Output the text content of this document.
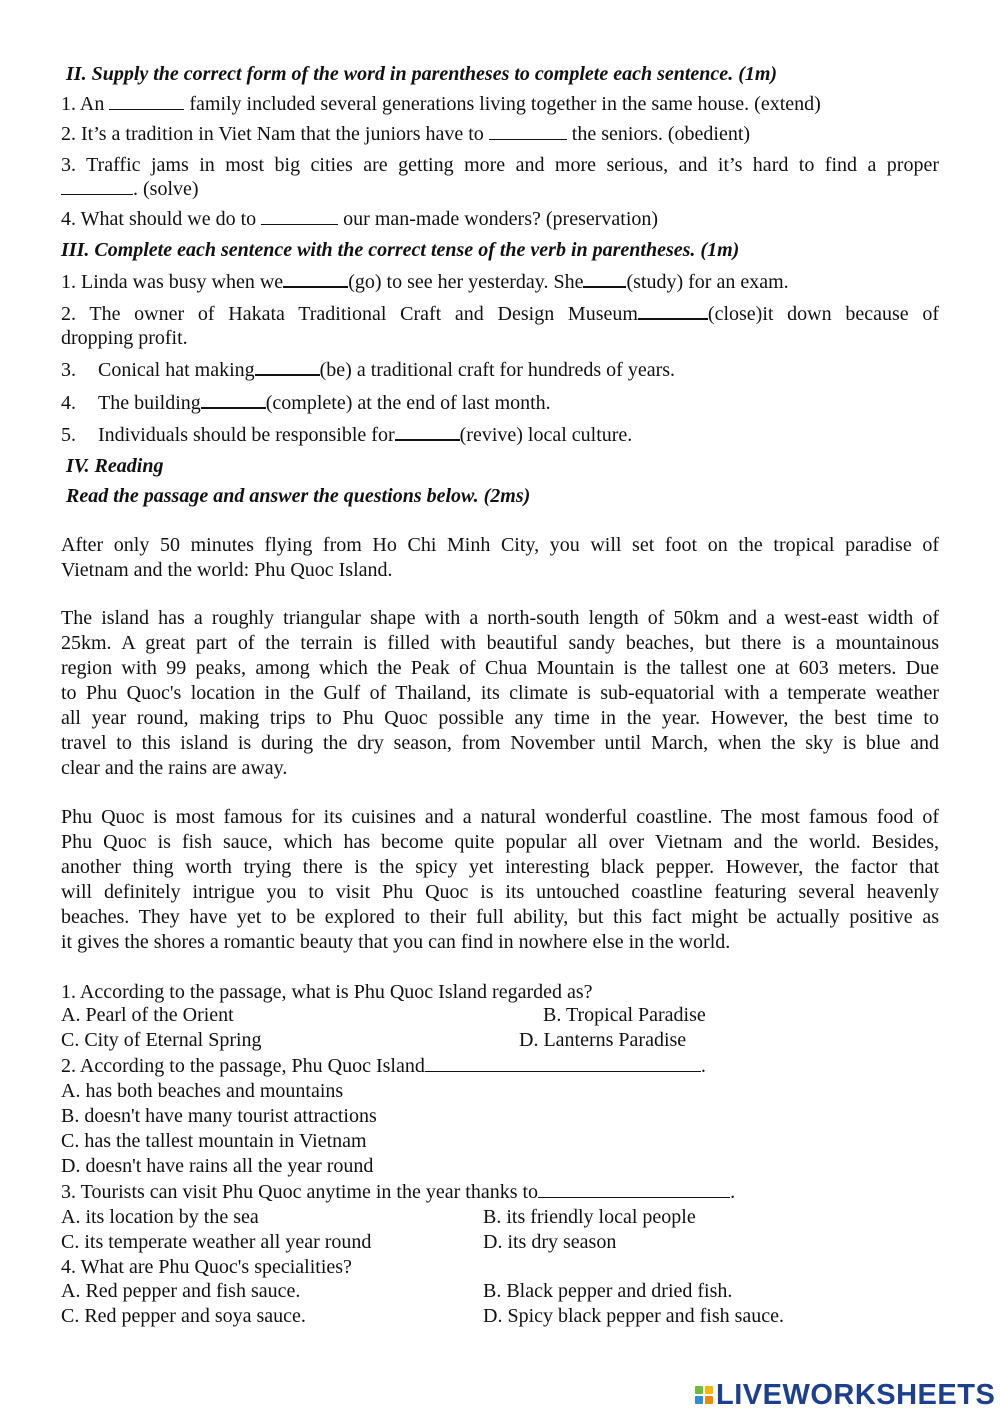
II. Supply the correct form of the word in parentheses to complete each sentence. (1m)
1. An	family included several generations living together in the same house. (extend)
2. It’s a tradition in Viet Nam that the juniors have to	the seniors. (obedient)
3. Traffic jams in most big cities are getting more and more serious, and it’s hard to find a proper
. (solve)
4. What should we do to	our man-made wonders? (preservation)
III. Complete each sentence with the correct tense of the verb in parentheses. (1m)
1. Linda was busy when we	(go) to see her yesterday. She (study) for an exam.
2. The owner of Hakata Traditional Craft and Design Museum	(close)it down because of
dropping profit.
3. Conical hat making	(be) a traditional craft for hundreds of years.
4. The building	(complete) at the end of last month.
5. Individuals should be responsible for	(revive) local culture.
IV. Reading
Read the passage and answer the questions below. (2ms)
After only 50 minutes flying from Ho Chi Minh City, you will set foot on the tropical paradise of
Vietnam and the world: Phu Quoc Island.
The island has a roughly triangular shape with a north-south length of 50km and a west-east width of
25km. A great part of the terrain is filled with beautiful sandy beaches, but there is a mountainous
region with 99 peaks, among which the Peak of Chua Mountain is the tallest one at 603 meters. Due
to Phu Quoc's location in the Gulf of Thailand, its climate is sub-equatorial with a temperate weather
all year round, making trips to Phu Quoc possible any time in the year. However, the best time to
travel to this island is during the dry season, from November until March, when the sky is blue and
clear and the rains are away.
Phu Quoc is most famous for its cuisines and a natural wonderful coastline. The most famous food of
Phu Quoc is fish sauce, which has become quite popular all over Vietnam and the world. Besides,
another thing worth trying there is the spicy yet interesting black pepper. However, the factor that
will definitely intrigue you to visit Phu Quoc is its untouched coastline featuring several heavenly
beaches. They have yet to be explored to their full ability, but this fact might be actually positive as
it gives the shores a romantic beauty that you can find in nowhere else in the world.
1. According to the passage, what is Phu Quoc Island regarded as?
A. Pearl of the Orient	B. Tropical Paradise
C. City of Eternal Spring	D. Lanterns Paradise
2. According to the passage, Phu Quoc Island	.
A. has both beaches and mountains
B. doesn't have many tourist attractions
C. has the tallest mountain in Vietnam
D. doesn't have rains all the year round
3. Tourists can visit Phu Quoc anytime in the year thanks to	.
A. its location by the sea	B. its friendly local people
C. its temperate weather all year round	D. its dry season
4. What are Phu Quoc's specialities?
A. Red pepper and fish sauce.	B. Black pepper and dried fish.
C. Red pepper and soya sauce.	D. Spicy black pepper and fish sauce.
LIVEWORKSHEETS
